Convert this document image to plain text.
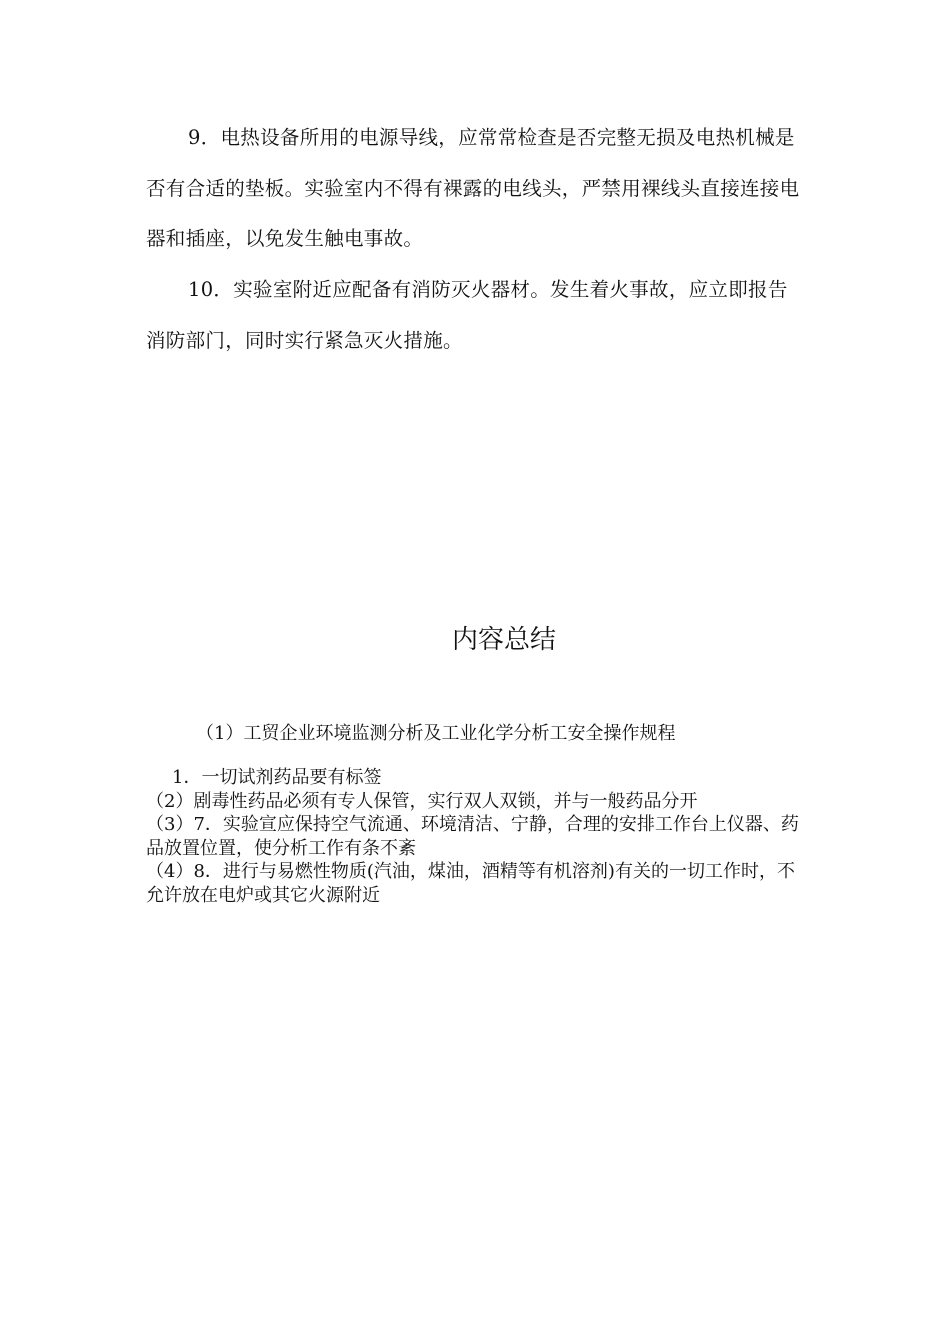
9．电热设备所用的电源导线，应常常检查是否完整无损及电热机械是否有合适的垫板。实验室内不得有裸露的电线头，严禁用裸线头直接连接电器和插座，以免发生触电事故。

10．实验室附近应配备有消防灭火器材。发生着火事故，应立即报告消防部门，同时实行紧急灭火措施。

内容总结

（1）工贸企业环境监测分析及工业化学分析工安全操作规程

1．一切试剂药品要有标签
（2）剧毒性药品必须有专人保管，实行双人双锁，并与一般药品分开
（3）7．实验宣应保持空气流通、环境清洁、宁静，合理的安排工作台上仪器、药品放置位置，使分析工作有条不紊
（4）8．进行与易燃性物质(汽油，煤油，酒精等有机溶剂)有关的一切工作时，不允许放在电炉或其它火源附近
